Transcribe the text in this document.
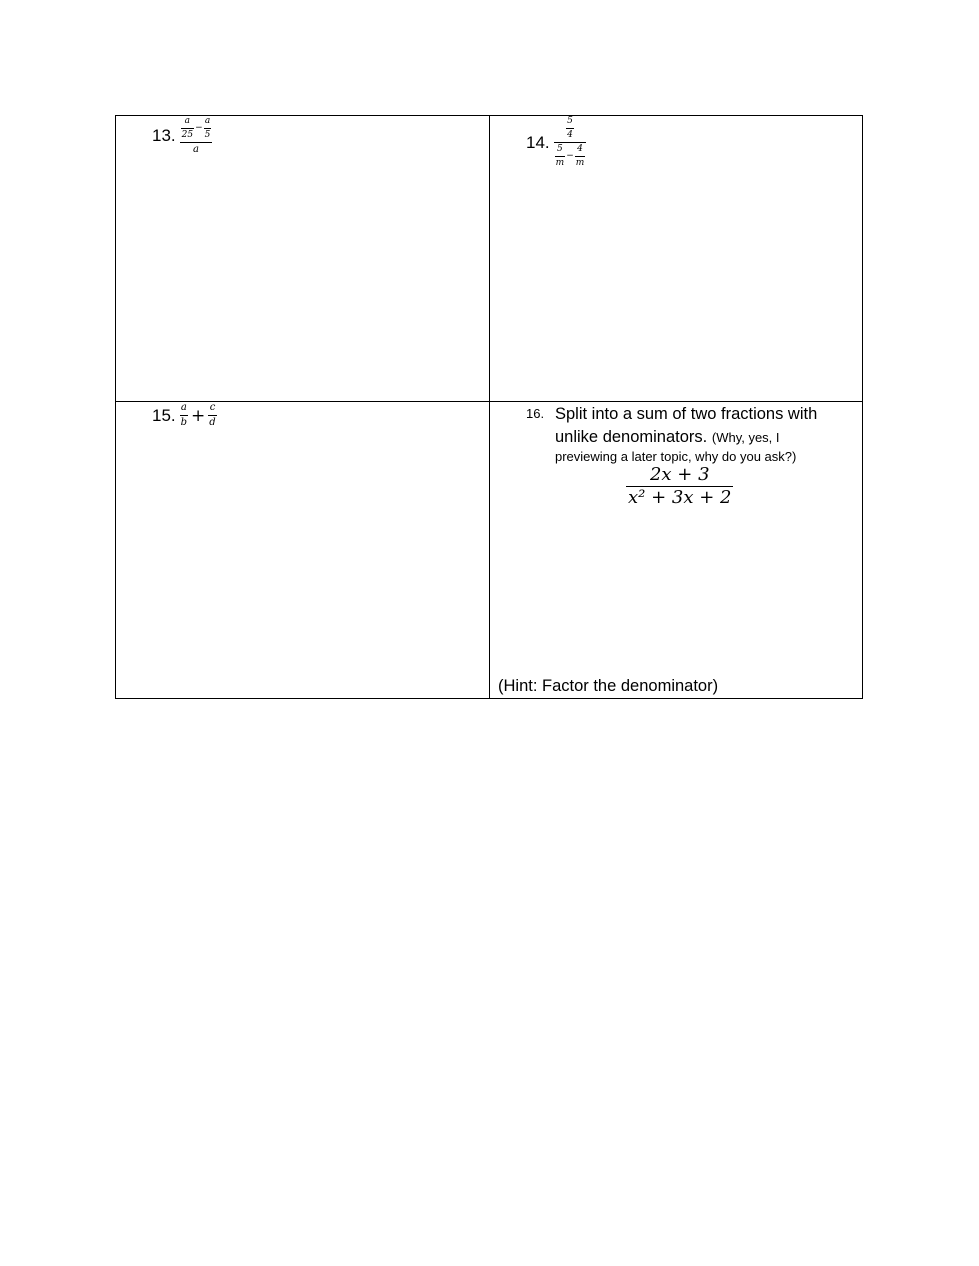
13. $\frac{a}{25} - \frac{a}{5}$
a	14.
$\frac{5}{4}$
$\frac{5}{m} - \frac{4}{m}$
15. $\frac{a}{b} + \frac{c}{d}$	16. Split into a sum of two fractions with
unlike denominators. (Why, yes, I
previewing a later topic, why do you ask?)
2x + 3
x² + 3x + 2
(Hint: Factor the denominator)
